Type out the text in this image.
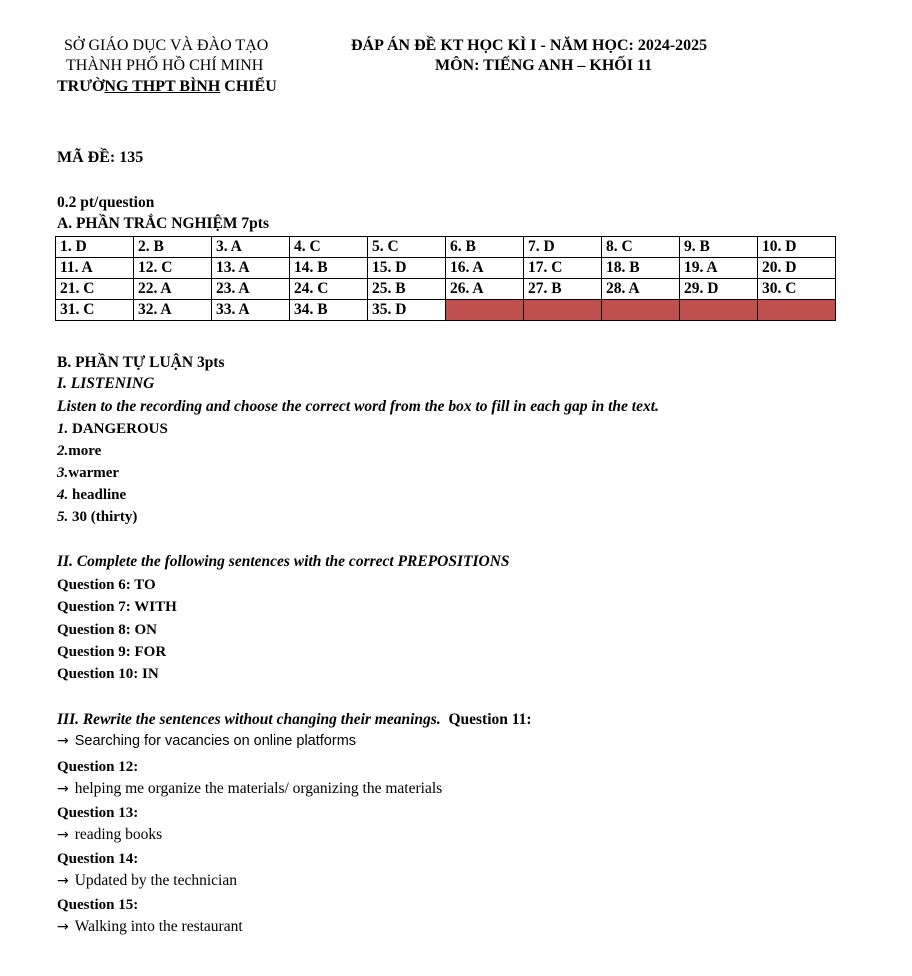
SỞ GIÁO DỤC VÀ ĐÀO TẠO
THÀNH PHỐ HỒ CHÍ MINH
TRƯỜNG THPT BÌNH CHIỂU
ĐÁP ÁN ĐỀ KT HỌC KÌ I - NĂM HỌC: 2024-2025
MÔN: TIẾNG ANH – KHỐI 11
MÃ ĐỀ: 135
0.2 pt/question
A. PHẦN TRẮC NGHIỆM 7pts
1. D	2. B	3. A	4. C	5. C	6. B	7. D	8. C	9. B	10. D
11. A	12. C	13. A	14. B	15. D	16. A	17. C	18. B	19. A	20. D
21. C	22. A	23. A	24. C	25. B	26. A	27. B	28. A	29. D	30. C
31. C	32. A	33. A	34. B	35. D					
B. PHẦN TỰ LUẬN 3pts
I. LISTENING
Listen to the recording and choose the correct word from the box to fill in each gap in the text.
1. DANGEROUS
2.more
3.warmer
4. headline
5. 30 (thirty)
II. Complete the following sentences with the correct PREPOSITIONS
Question 6: TO
Question 7: WITH
Question 8: ON
Question 9: FOR
Question 10: IN
III. Rewrite the sentences without changing their meanings. Question 11:
→ Searching for vacancies on online platforms
Question 12:
→ helping me organize the materials/ organizing the materials
Question 13:
→ reading books
Question 14:
→ Updated by the technician
Question 15:
→ Walking into the restaurant
